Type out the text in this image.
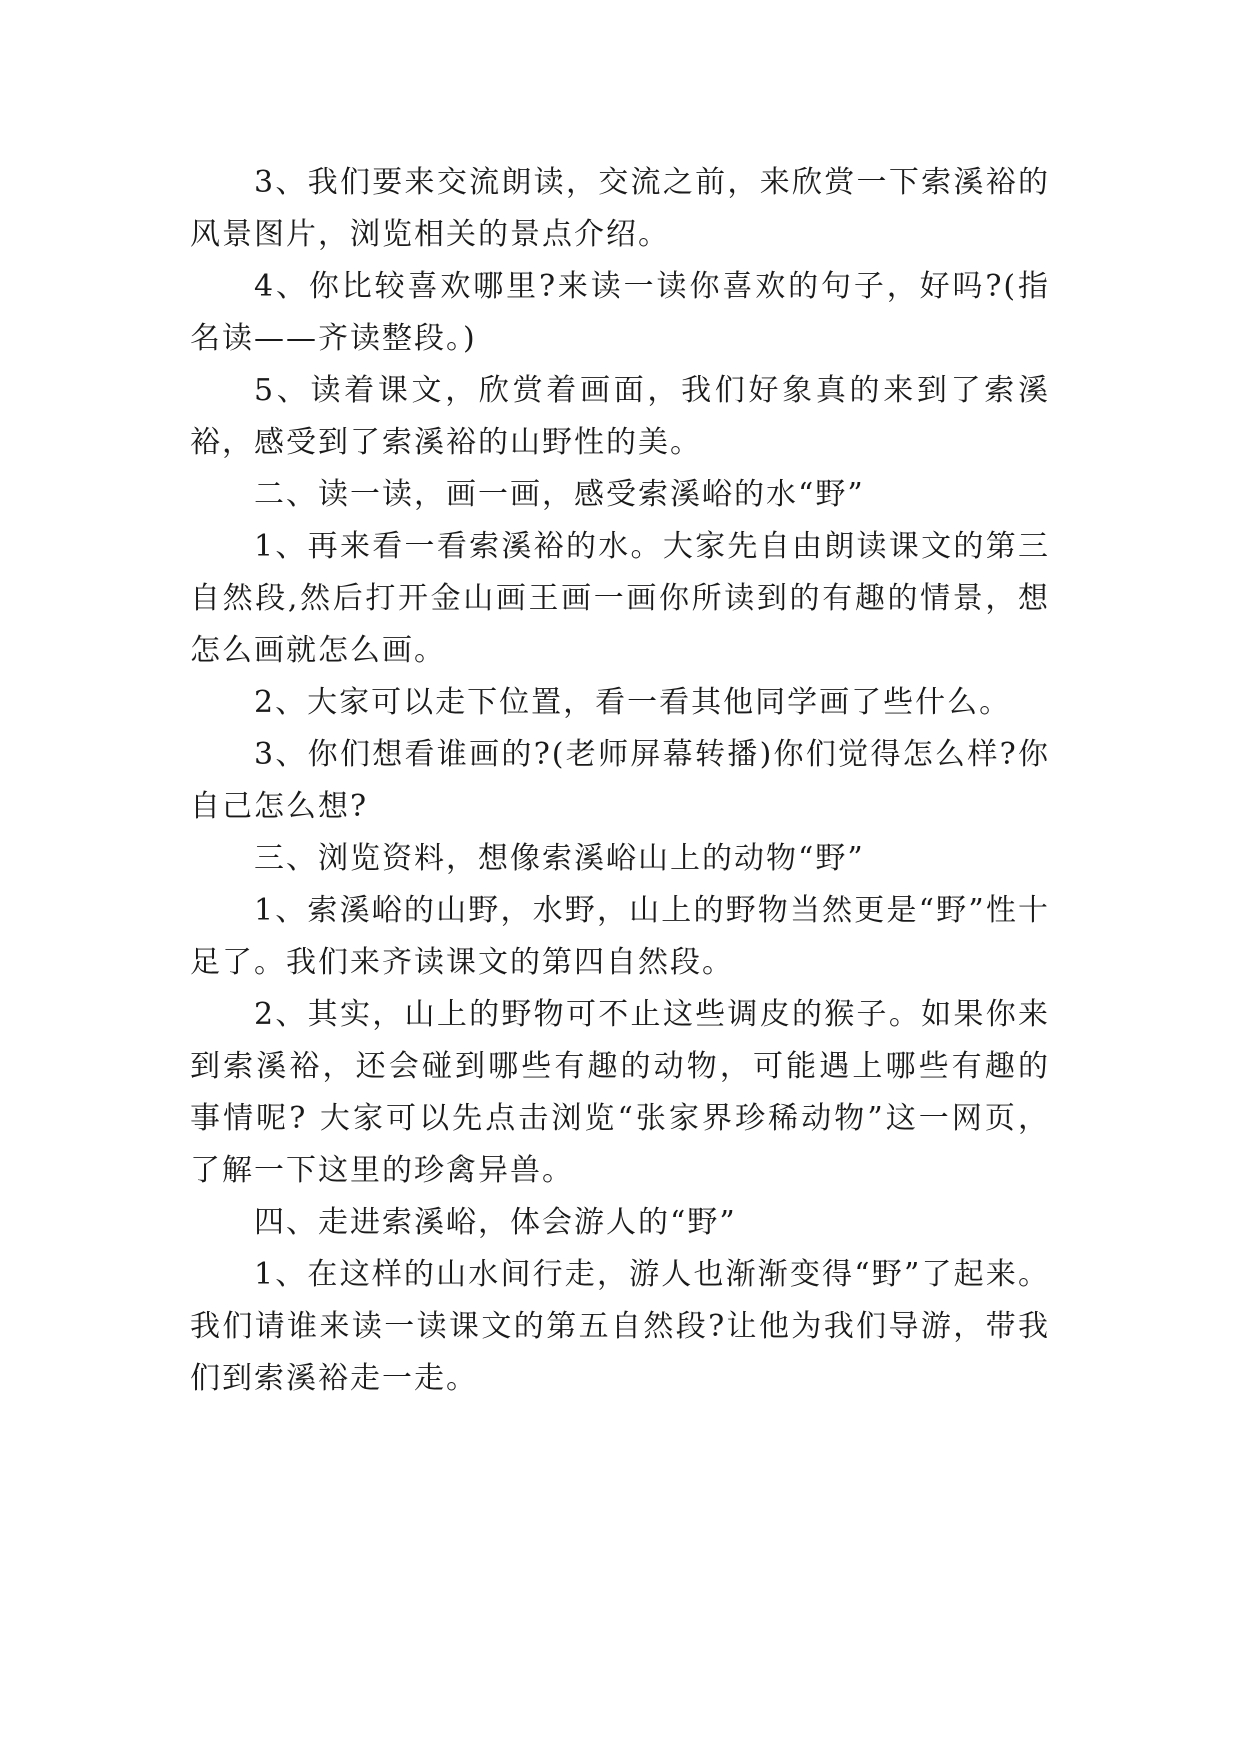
3、我们要来交流朗读，交流之前，来欣赏一下索溪裕的风景图片，浏览相关的景点介绍。

4、你比较喜欢哪里?来读一读你喜欢的句子，好吗?(指名读——齐读整段。)

5、读着课文，欣赏着画面，我们好象真的来到了索溪裕，感受到了索溪裕的山野性的美。

二、读一读，画一画，感受索溪峪的水“野”

1、再来看一看索溪裕的水。大家先自由朗读课文的第三自然段,然后打开金山画王画一画你所读到的有趣的情景，想怎么画就怎么画。

2、大家可以走下位置，看一看其他同学画了些什么。

3、你们想看谁画的?(老师屏幕转播)你们觉得怎么样?你自己怎么想?

三、浏览资料，想像索溪峪山上的动物“野”

1、索溪峪的山野，水野，山上的野物当然更是“野”性十足了。我们来齐读课文的第四自然段。

2、其实，山上的野物可不止这些调皮的猴子。如果你来到索溪裕，还会碰到哪些有趣的动物，可能遇上哪些有趣的事情呢? 大家可以先点击浏览“张家界珍稀动物”这一网页，了解一下这里的珍禽异兽。

四、走进索溪峪，体会游人的“野”

1、在这样的山水间行走，游人也渐渐变得“野”了起来。我们请谁来读一读课文的第五自然段?让他为我们导游，带我们到索溪裕走一走。
